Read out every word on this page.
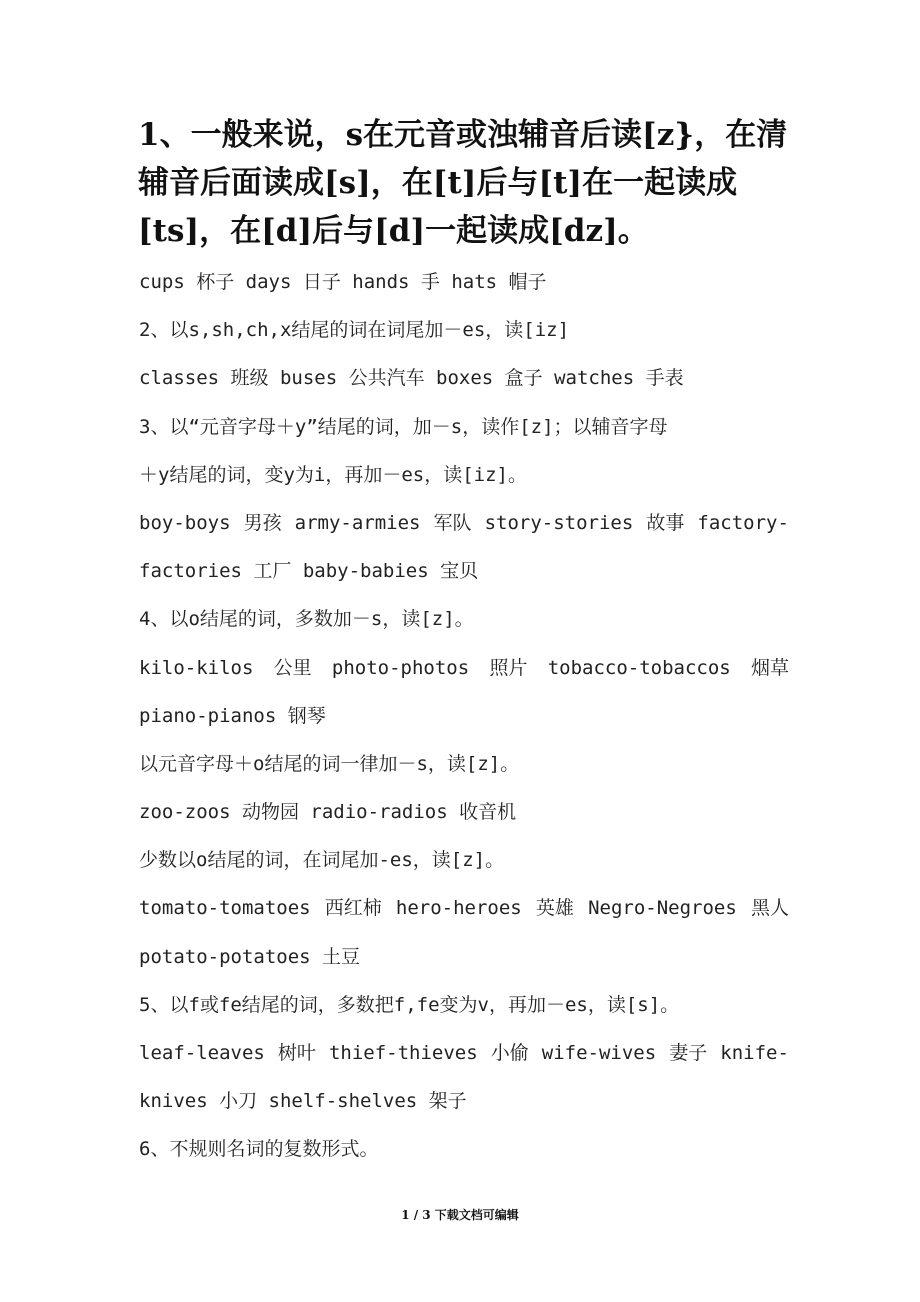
1、一般来说，s在元音或浊辅音后读[z}，在清辅音后面读成[s]，在[t]后与[t]在一起读成[ts]，在[d]后与[d]一起读成[dz]。
cups 杯子 days 日子 hands 手 hats 帽子
2、以s,sh,ch,x结尾的词在词尾加－es，读[iz]
classes 班级 buses 公共汽车 boxes 盒子 watches 手表
3、以“元音字母＋y”结尾的词，加－s，读作[z]；以辅音字母
＋y结尾的词，变y为i，再加－es，读[iz]。
boy-boys 男孩 army-armies 军队 story-stories 故事 factory-
factories 工厂 baby-babies 宝贝
4、以o结尾的词，多数加－s，读[z]。
kilo-kilos 公里 photo-photos 照片 tobacco-tobaccos 烟草
piano-pianos 钢琴
以元音字母＋o结尾的词一律加－s，读[z]。
zoo-zoos 动物园 radio-radios 收音机
少数以o结尾的词，在词尾加-es，读[z]。
tomato-tomatoes 西红柿 hero-heroes 英雄 Negro-Negroes 黑人
potato-potatoes 土豆
5、以f或fe结尾的词，多数把f,fe变为v，再加－es，读[s]。
leaf-leaves 树叶 thief-thieves 小偷 wife-wives 妻子 knife-
knives 小刀 shelf-shelves 架子
6、不规则名词的复数形式。
1 / 3 下载文档可编辑
